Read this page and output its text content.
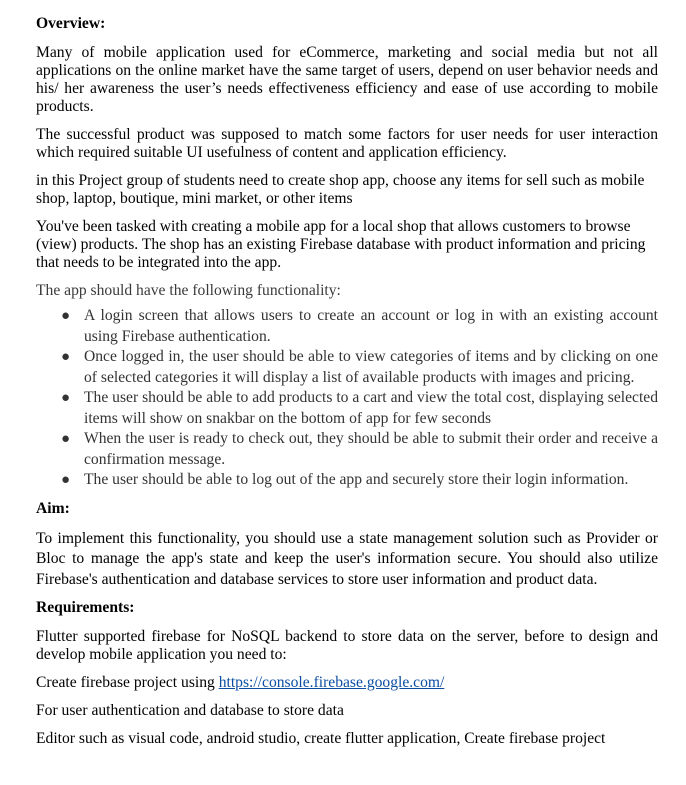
Overview:

Many of mobile application used for eCommerce, marketing and social media but not all applications on the online market have the same target of users, depend on user behavior needs and his/ her awareness the user’s needs effectiveness efficiency and ease of use according to mobile products.

The successful product was supposed to match some factors for user needs for user interaction which required suitable UI usefulness of content and application efficiency.

in this Project group of students need to create shop app, choose any items for sell such as mobile shop, laptop, boutique, mini market, or other items

You've been tasked with creating a mobile app for a local shop that allows customers to browse (view) products. The shop has an existing Firebase database with product information and pricing that needs to be integrated into the app.

The app should have the following functionality:

● A login screen that allows users to create an account or log in with an existing account using Firebase authentication.
● Once logged in, the user should be able to view categories of items and by clicking on one of selected categories it will display a list of available products with images and pricing.
● The user should be able to add products to a cart and view the total cost, displaying selected items will show on snakbar on the bottom of app for few seconds
● When the user is ready to check out, they should be able to submit their order and receive a confirmation message.
● The user should be able to log out of the app and securely store their login information.

Aim:

To implement this functionality, you should use a state management solution such as Provider or Bloc to manage the app's state and keep the user's information secure. You should also utilize Firebase's authentication and database services to store user information and product data.

Requirements:

Flutter supported firebase for NoSQL backend to store data on the server, before to design and develop mobile application you need to:

Create firebase project using https://console.firebase.google.com/

For user authentication and database to store data

Editor such as visual code, android studio, create flutter application, Create firebase project
